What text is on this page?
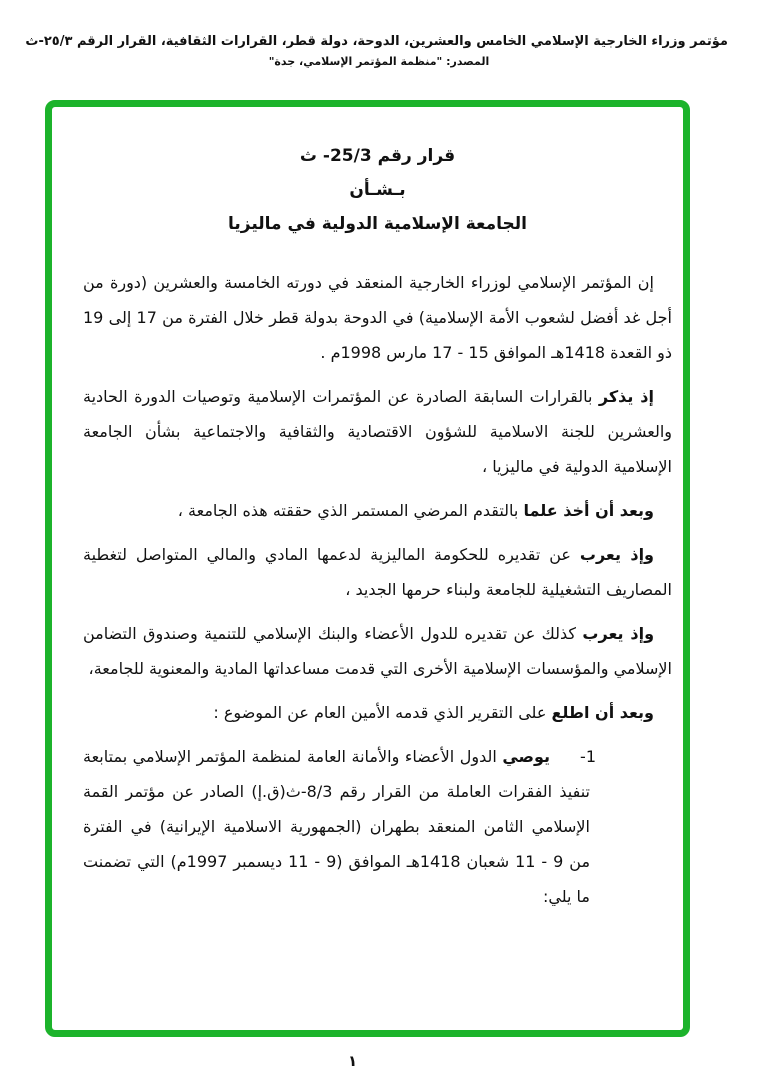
مؤتمر وزراء الخارجية الإسلامي الخامس والعشرين، الدوحة، دولة قطر، القرارات الثقافية، القرار الرقم ٢٥/٣-ث
المصدر: "منظمة المؤتمر الإسلامي، جدة"
قرار رقم 25/3- ث
بـشـأن
الجامعة الإسلامية الدولية في ماليزيا

إن المؤتمر الإسلامي لوزراء الخارجية المنعقد في دورته الخامسة والعشرين (دورة من أجل غد أفضل لشعوب الأمة الإسلامية) في الدوحة بدولة قطر خلال الفترة من 17 إلى 19 ذو القعدة 1418هـ الموافق 15 - 17 مارس 1998م .

إذ يذكر بالقرارات السابقة الصادرة عن المؤتمرات الإسلامية وتوصيات الدورة الحادية والعشرين للجنة الاسلامية للشؤون الاقتصادية والثقافية والاجتماعية بشأن الجامعة الإسلامية الدولية في ماليزيا ،

وبعد أن أخذ علما بالتقدم المرضي المستمر الذي حققته هذه الجامعة ،

وإذ يعرب عن تقديره للحكومة الماليزية لدعمها المادي والمالي المتواصل لتغطية المصاريف التشغيلية للجامعة ولبناء حرمها الجديد ،

وإذ يعرب كذلك عن تقديره للدول الأعضاء والبنك الإسلامي للتنمية وصندوق التضامن الإسلامي والمؤسسات الإسلامية الأخرى التي قدمت مساعداتها المادية والمعنوية للجامعة،

وبعد أن اطلع على التقرير الذي قدمه الأمين العام عن الموضوع :

1-
يوصي الدول الأعضاء والأمانة العامة لمنظمة المؤتمر الإسلامي بمتابعة تنفيذ الفقرات العاملة من القرار رقم 8/3-ث(ق.إ) الصادر عن مؤتمر القمة الإسلامي الثامن المنعقد بطهران (الجمهورية الاسلامية الإيرانية) في الفترة من 9 - 11 شعبان 1418هـ الموافق (9 - 11 ديسمبر 1997م) التي تضمنت ما يلي:
١
